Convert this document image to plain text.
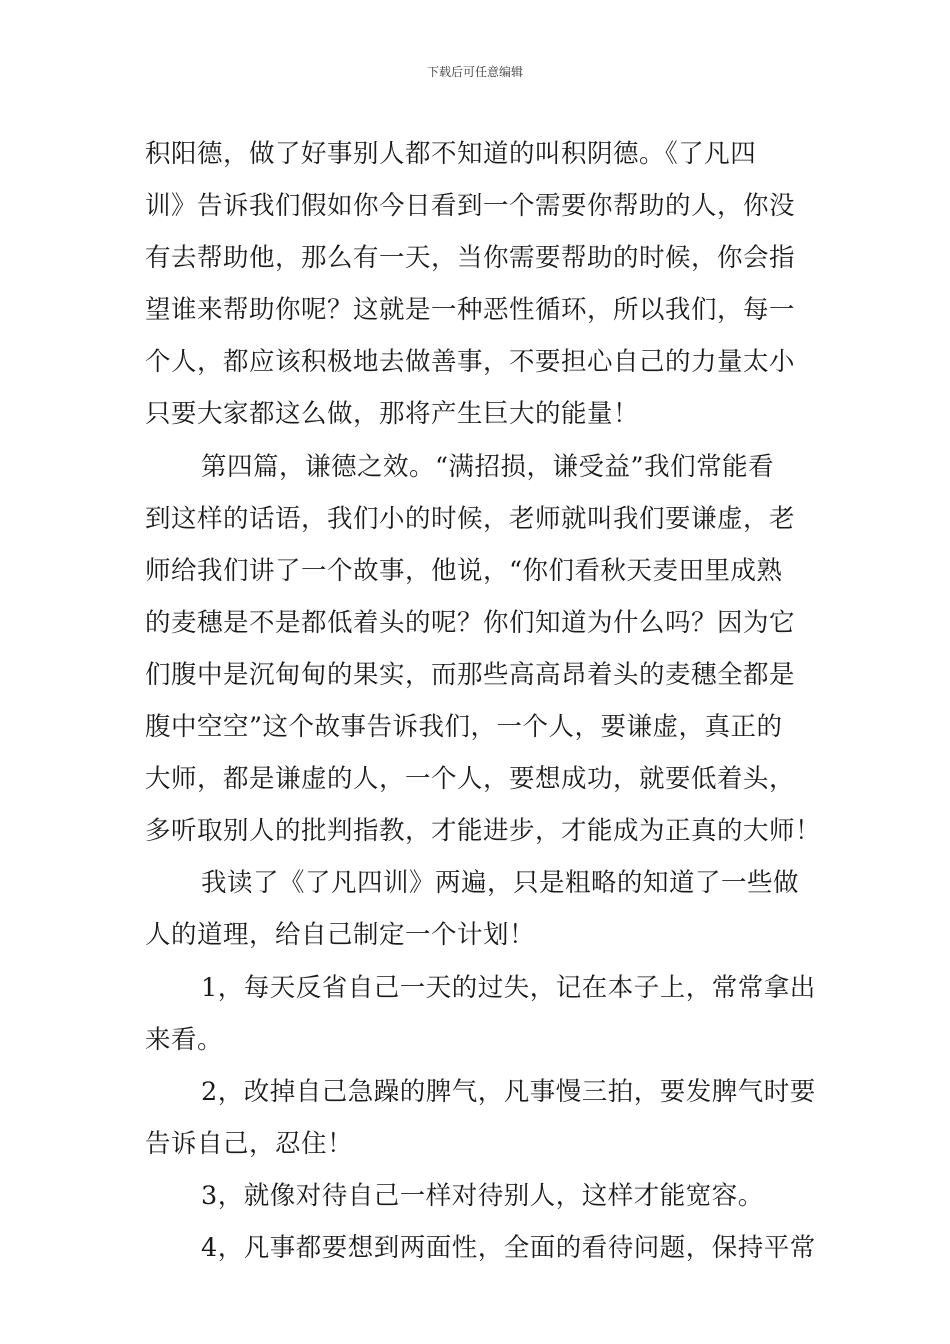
下载后可任意编辑
积阳德，做了好事别人都不知道的叫积阴德。《了凡四
训》告诉我们假如你今日看到一个需要你帮助的人，你没
有去帮助他，那么有一天，当你需要帮助的时候，你会指
望谁来帮助你呢？这就是一种恶性循环，所以我们，每一
个人，都应该积极地去做善事，不要担心自己的力量太小
只要大家都这么做，那将产生巨大的能量！
第四篇，谦德之效。“满招损，谦受益”我们常能看
到这样的话语，我们小的时候，老师就叫我们要谦虚，老
师给我们讲了一个故事，他说，“你们看秋天麦田里成熟
的麦穗是不是都低着头的呢？你们知道为什么吗？因为它
们腹中是沉甸甸的果实，而那些高高昂着头的麦穗全都是
腹中空空”这个故事告诉我们，一个人，要谦虚，真正的
大师，都是谦虚的人，一个人，要想成功，就要低着头，
多听取别人的批判指教，才能进步，才能成为正真的大师！
我读了《了凡四训》两遍，只是粗略的知道了一些做
人的道理，给自己制定一个计划！
1，每天反省自己一天的过失，记在本子上，常常拿出
来看。
2，改掉自己急躁的脾气，凡事慢三拍，要发脾气时要
告诉自己，忍住！
3，就像对待自己一样对待别人，这样才能宽容。
4，凡事都要想到两面性，全面的看待问题，保持平常
